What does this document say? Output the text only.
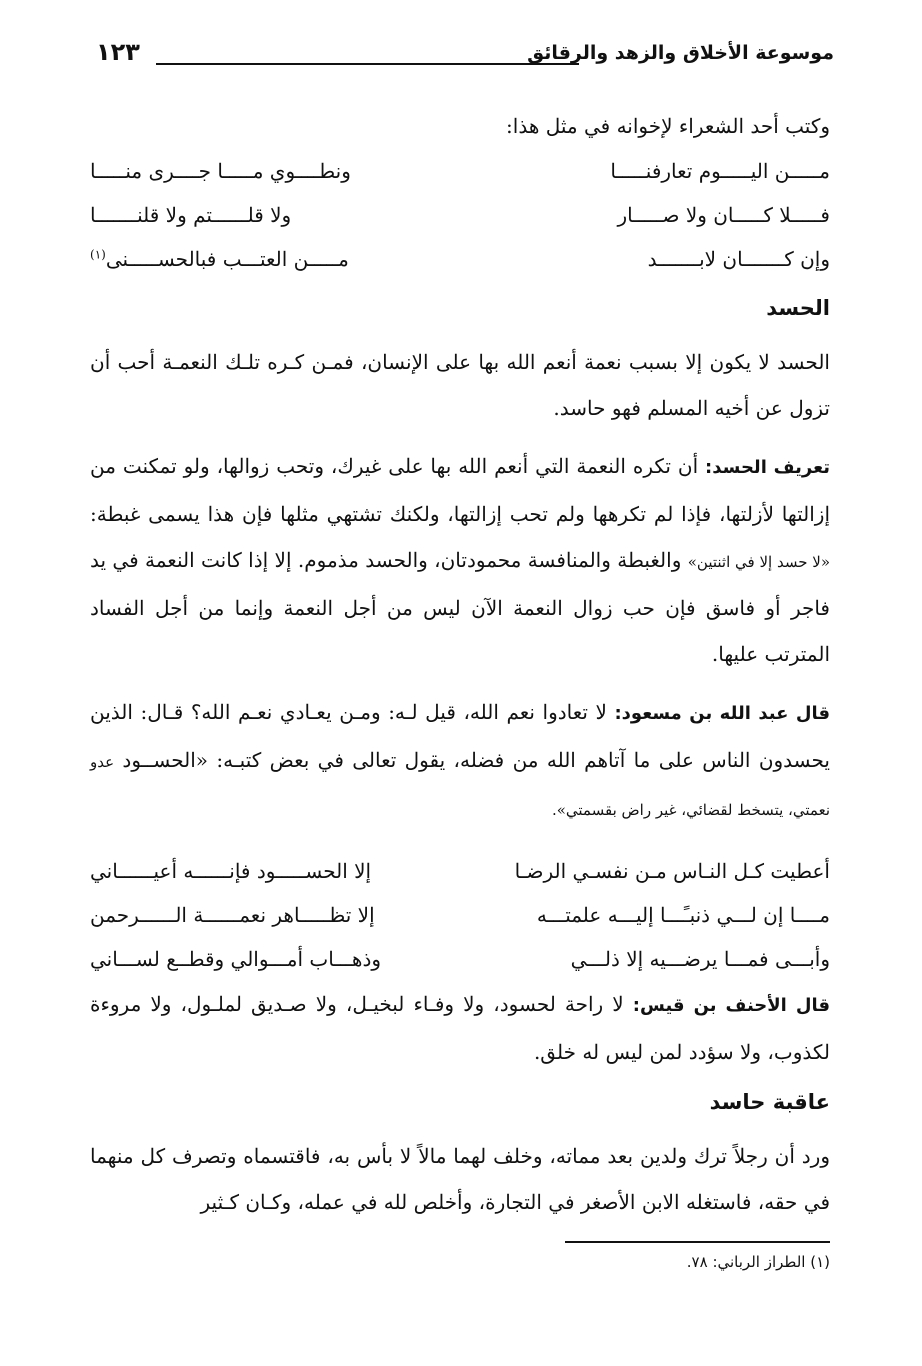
موسوعة الأخلاق والزهد والرقائق
١٢٣

وكتب أحد الشعراء لإخوانه في مثل هذا:

مـــــن اليـــــوم تعارفنـــــا
ونطــــوي مـــــا جــــرى منـــــا
فـــــلا كـــــان ولا صـــــار
ولا قلــــــتم ولا قلنـــــــا
وإن كـــــــان لابـــــــد
مـــــن العتـــب فبالحســـــنى$^{(١)}$
الحسد

الحسد لا يكون إلا بسبب نعمة أنعم الله بها على الإنسان، فمـن كـره تلـك النعمـة أحب أن تزول عن أخيه المسلم فهو حاسد.

تعريف الحسد: أن تكره النعمة التي أنعم الله بها على غيرك، وتحب زوالها، ولو تمكنت من إزالتها لأزلتها، فإذا لم تكرهها ولم تحب إزالتها، ولكنك تشتهي مثلها فإن هذا يسمى غبطة: «لا حسد إلا في اثنتين» والغبطة والمنافسة محمودتان، والحسد مذموم. إلا إذا كانت النعمة في يد فاجر أو فاسق فإن حب زوال النعمة الآن ليس من أجل النعمة وإنما من أجل الفساد المترتب عليها.

قال عبد الله بن مسعود: لا تعادوا نعم الله، قيل لـه: ومـن يعـادي نعـم الله؟ قـال: الذين يحسدون الناس على ما آتاهم الله من فضله، يقول تعالى في بعض كتبـه: «الحســود عدو نعمتي، يتسخط لقضائي، غير راض بقسمتي».

أعطيت كـل النـاس مـن نفسـي الرضـا
إلا الحســـــود فإنــــــه أعيــــــاني
مــــا إن لـــي ذنبـًـــا إليـــه علمتـــه
إلا تظـــــاهر نعمــــــة الــــــرحمن
وأبـــى فمـــا يرضـــيه إلا ذلـــي
وذهـــاب أمـــوالي وقطــع لســـاني

قال الأحنف بن قيس: لا راحة لحسود، ولا وفـاء لبخيـل، ولا صـديق لملـول، ولا مروءة لكذوب، ولا سؤدد لمن ليس له خلق.

عاقبة حاسد

ورد أن رجلاً ترك ولدين بعد مماته، وخلف لهما مالاً لا بأس به، فاقتسماه وتصرف كل منهما في حقه، فاستغله الابن الأصغر في التجارة، وأخلص لله في عمله، وكـان كـثير

(١) الطراز الرباني: ٧٨.
